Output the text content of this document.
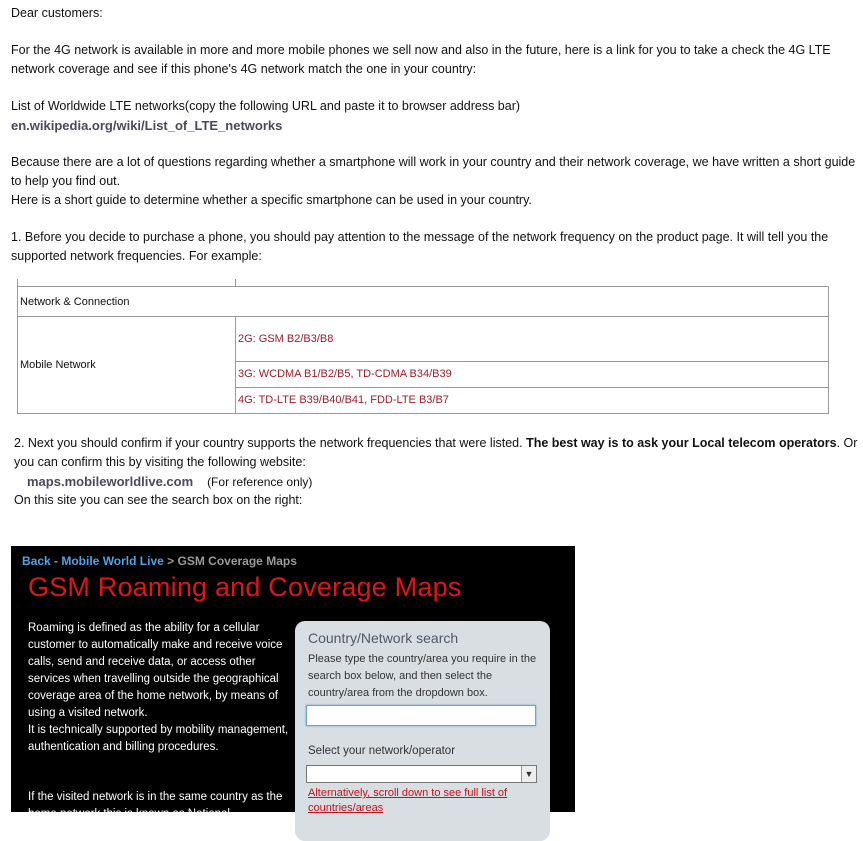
Dear customers:

For the 4G network is available in more and more mobile phones we sell now and also in the future, here is a link for you to take a check the 4G LTE network coverage and see if this phone's 4G network match the one in your country:

List of Worldwide LTE networks(copy the following URL and paste it to browser address bar)

en.wikipedia.org/wiki/List_of_LTE_networks

Because there are a lot of questions regarding whether a smartphone will work in your country and their network coverage, we have written a short guide to help you find out.

Here is a short guide to determine whether a specific smartphone can be used in your country.

1. Before you decide to purchase a phone, you should pay attention to the message of the network frequency on the product page. It will tell you the supported network frequencies. For example:

Network & Connection
Mobile Network	2G: GSM B2/B3/B8
3G: WCDMA B1/B2/B5, TD-CDMA B34/B39
4G: TD-LTE B39/B40/B41, FDD-LTE B3/B7

2. Next you should confirm if your country supports the network frequencies that were listed. The best way is to ask your Local telecom operators. Or you can confirm this by visiting the following website:

maps.mobileworldlive.com (For reference only)

On this site you can see the search box on the right:

Back - Mobile World Live > GSM Coverage Maps
GSM Roaming and Coverage Maps

Roaming is defined as the ability for a cellular customer to automatically make and receive voice calls, send and receive data, or access other services when travelling outside the geographical coverage area of the home network, by means of using a visited network.
It is technically supported by mobility management, authentication and billing procedures.

If the visited network is in the same country as the home network this is known as National

Country/Network search

Please type the country/area you require in the search box below, and then select the country/area from the dropdown box.

Select your network/operator
▼
Alternatively, scroll down to see full list of countries/areas
